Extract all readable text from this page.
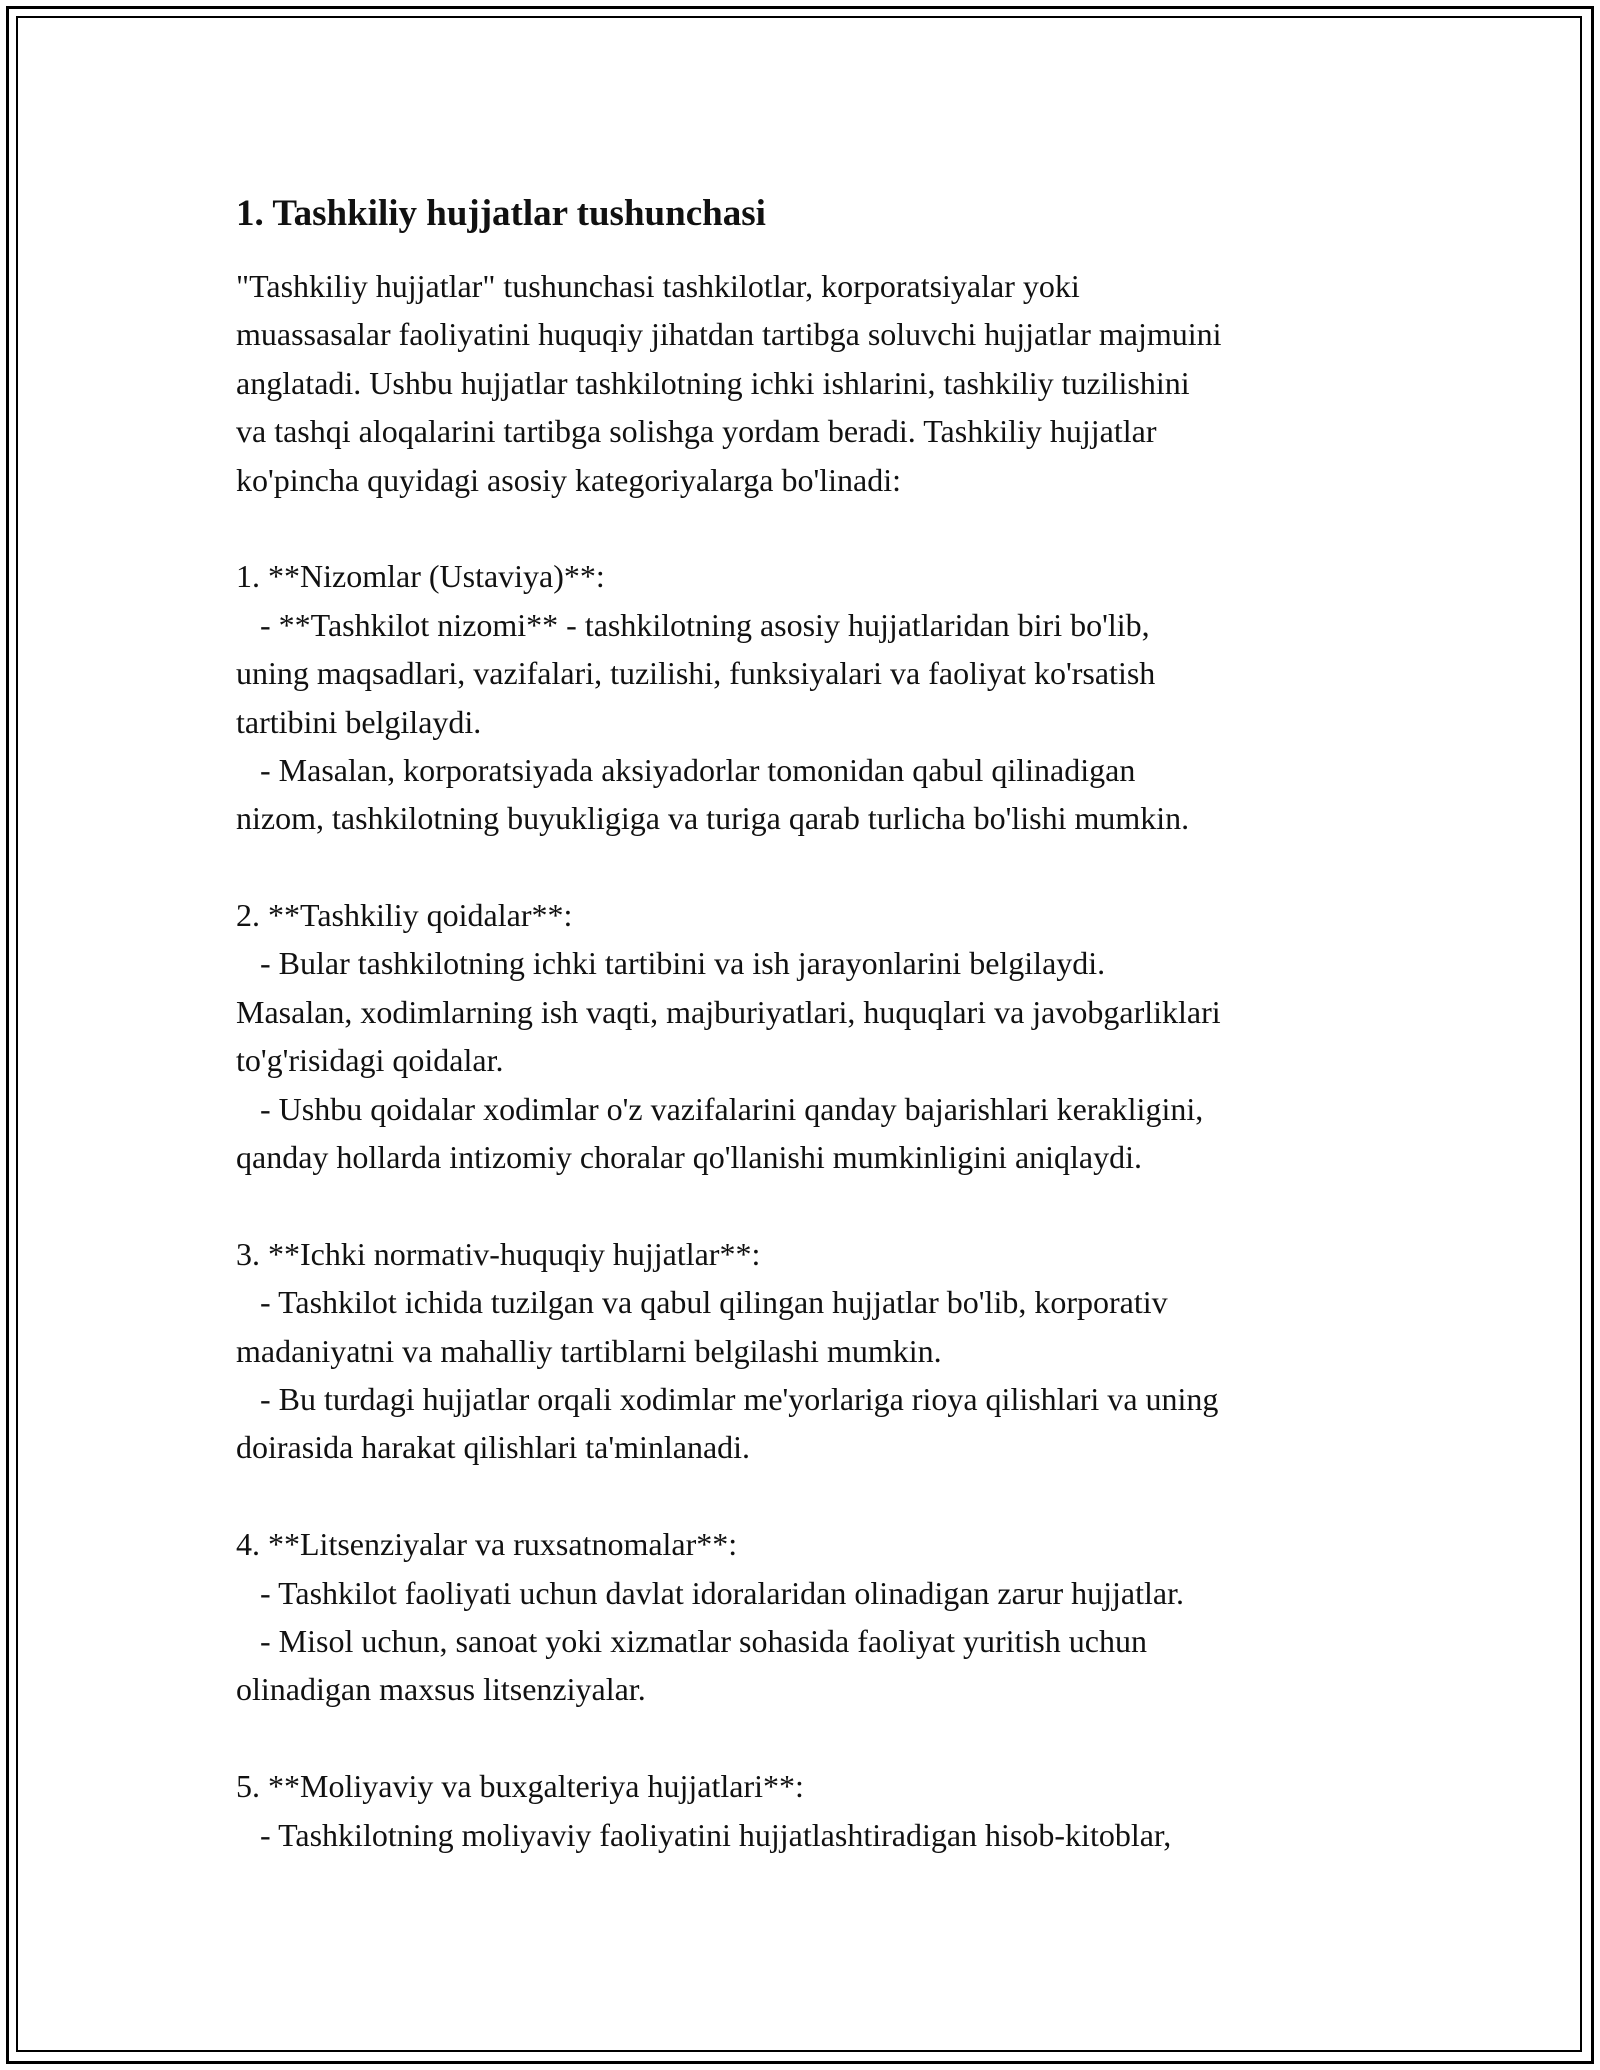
1. Tashkiliy hujjatlar tushunchasi
"Tashkiliy hujjatlar" tushunchasi tashkilotlar, korporatsiyalar yoki
muassasalar faoliyatini huquqiy jihatdan tartibga soluvchi hujjatlar majmuini
anglatadi. Ushbu hujjatlar tashkilotning ichki ishlarini, tashkiliy tuzilishini
va tashqi aloqalarini tartibga solishga yordam beradi. Tashkiliy hujjatlar
ko'pincha quyidagi asosiy kategoriyalarga bo'linadi:
1. **Nizomlar (Ustaviya)**:
- **Tashkilot nizomi** - tashkilotning asosiy hujjatlaridan biri bo'lib,
uning maqsadlari, vazifalari, tuzilishi, funksiyalari va faoliyat ko'rsatish
tartibini belgilaydi.
- Masalan, korporatsiyada aksiyadorlar tomonidan qabul qilinadigan
nizom, tashkilotning buyukligiga va turiga qarab turlicha bo'lishi mumkin.
2. **Tashkiliy qoidalar**:
- Bular tashkilotning ichki tartibini va ish jarayonlarini belgilaydi.
Masalan, xodimlarning ish vaqti, majburiyatlari, huquqlari va javobgarliklari
to'g'risidagi qoidalar.
- Ushbu qoidalar xodimlar o'z vazifalarini qanday bajarishlari kerakligini,
qanday hollarda intizomiy choralar qo'llanishi mumkinligini aniqlaydi.
3. **Ichki normativ-huquqiy hujjatlar**:
- Tashkilot ichida tuzilgan va qabul qilingan hujjatlar bo'lib, korporativ
madaniyatni va mahalliy tartiblarni belgilashi mumkin.
- Bu turdagi hujjatlar orqali xodimlar me'yorlariga rioya qilishlari va uning
doirasida harakat qilishlari ta'minlanadi.
4. **Litsenziyalar va ruxsatnomalar**:
- Tashkilot faoliyati uchun davlat idoralaridan olinadigan zarur hujjatlar.
- Misol uchun, sanoat yoki xizmatlar sohasida faoliyat yuritish uchun
olinadigan maxsus litsenziyalar.
5. **Moliyaviy va buxgalteriya hujjatlari**:
- Tashkilotning moliyaviy faoliyatini hujjatlashtiradigan hisob-kitoblar,
